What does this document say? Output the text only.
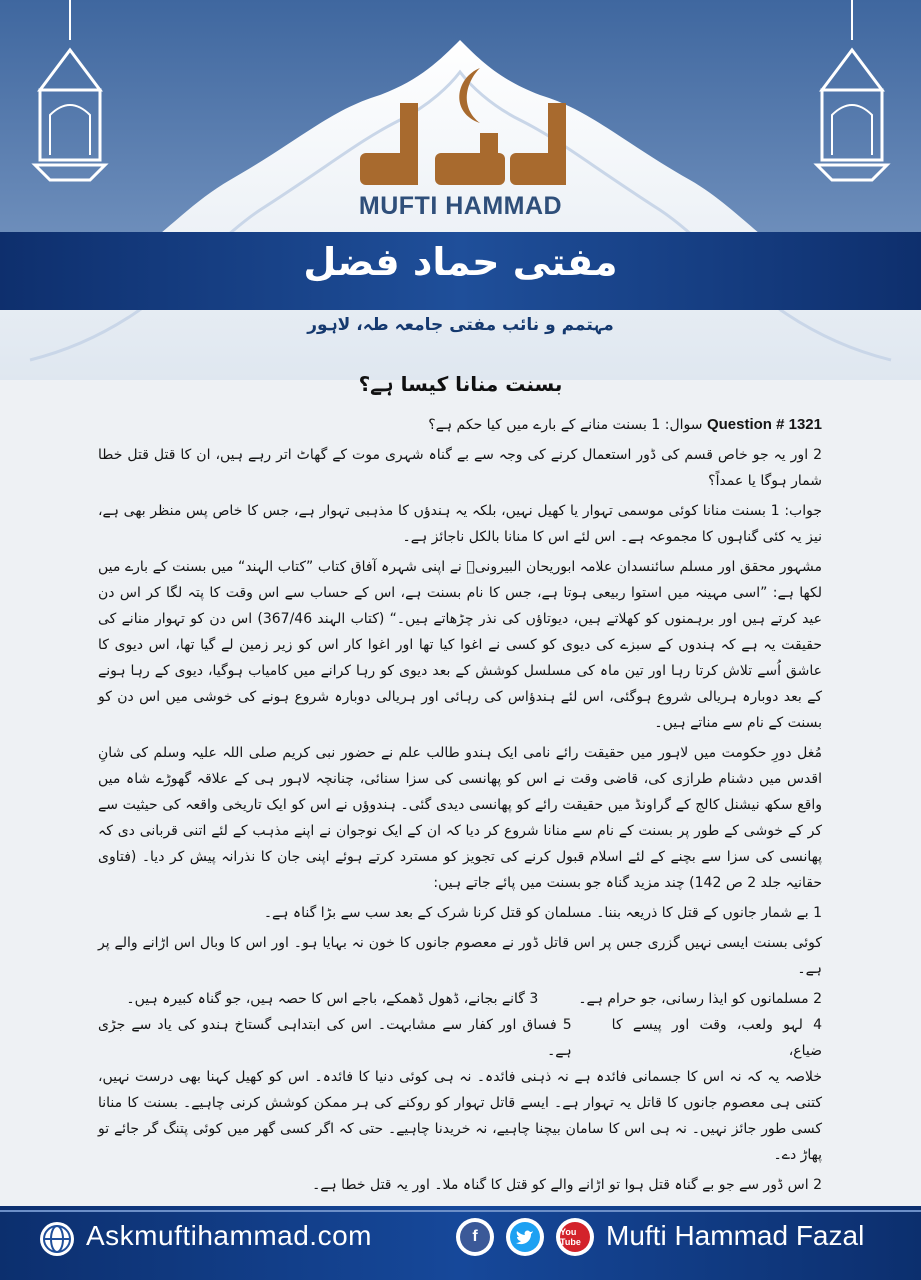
MUFTI HAMMAD
مفتی حماد فضل
مہتمم و نائب مفتی جامعہ طہ، لاہور
بسنت منانا کیسا ہے؟

Question # 1321 سوال: 1 بسنت منانے کے بارے میں کیا حکم ہے؟

2 اور یہ جو خاص قسم کی ڈور استعمال کرنے کی وجہ سے بے گناہ شہری موت کے گھاٹ اتر رہے ہیں، ان کا قتل قتل خطا شمار ہوگا یا عمداً؟

جواب: 1 بسنت منانا کوئی موسمی تہوار یا کھیل نہیں، بلکہ یہ ہندؤں کا مذہبی تہوار ہے، جس کا خاص پس منظر بھی ہے، نیز یہ کئی گناہوں کا مجموعہ ہے۔ اس لئے اس کا منانا بالکل ناجائز ہے۔

مشہور محقق اور مسلم سائنسدان علامہ ابوریحان البیرونیؒ نے اپنی شہرہ آفاق کتاب ”کتاب الہند“ میں بسنت کے بارے میں لکھا ہے: ”اسی مہینہ میں استوا ربیعی ہوتا ہے، جس کا نام بسنت ہے، اس کے حساب سے اس وقت کا پتہ لگا کر اس دن عید کرتے ہیں اور برہمنوں کو کھلاتے ہیں، دیوتاؤں کی نذر چڑھاتے ہیں۔“ (کتاب الہند 367/46) اس دن کو تہوار منانے کی حقیقت یہ ہے کہ ہندوں کے سبزے کی دیوی کو کسی نے اغوا کیا تھا اور اغوا کار اس کو زیر زمین لے گیا تھا، اس دیوی کا عاشق اُسے تلاش کرتا رہا اور تین ماہ کی مسلسل کوشش کے بعد دیوی کو رہا کرانے میں کامیاب ہوگیا، دیوی کے رہا ہونے کے بعد دوبارہ ہریالی شروع ہوگئی، اس لئے ہندؤاس کی رہائی اور ہریالی دوبارہ شروع ہونے کی خوشی میں اس دن کو بسنت کے نام سے مناتے ہیں۔

مُغل دورِ حکومت میں لاہور میں حقیقت رائے نامی ایک ہندو طالب علم نے حضور نبی کریم صلی اللہ علیہ وسلم کی شانِ اقدس میں دشنام طرازی کی، قاضی وقت نے اس کو پھانسی کی سزا سنائی، چنانچہ لاہور ہی کے علاقہ گھوڑے شاہ میں واقع سکھ نیشنل کالج کے گراونڈ میں حقیقت رائے کو پھانسی دیدی گئی۔ ہندوؤں نے اس کو ایک تاریخی واقعہ کی حیثیت سے کر کے خوشی کے طور پر بسنت کے نام سے منانا شروع کر دیا کہ ان کے ایک نوجوان نے اپنے مذہب کے لئے اتنی قربانی دی کہ پھانسی کی سزا سے بچنے کے لئے اسلام قبول کرنے کی تجویز کو مسترد کرتے ہوئے اپنی جان کا نذرانہ پیش کر دیا۔ (فتاوی حقانیہ جلد 2 ص 142) چند مزید گناہ جو بسنت میں پائے جاتے ہیں:

1 بے شمار جانوں کے قتل کا ذریعہ بننا۔ مسلمان کو قتل کرنا شرک کے بعد سب سے بڑا گناہ ہے۔

کوئی بسنت ایسی نہیں گزری جس پر اس قاتل ڈور نے معصوم جانوں کا خون نہ بہایا ہو۔ اور اس کا وبال اس اڑانے والے پر ہے۔

2 مسلمانوں کو ایذا رسانی، جو حرام ہے۔
3 گانے بجانے، ڈھول ڈھمکے، باجے اس کا حصہ ہیں، جو گناہ کبیرہ ہیں۔
4 لہو ولعب، وقت اور پیسے کا ضیاع،
5 فساق اور کفار سے مشابہت۔ اس کی ابتداہی گستاخ ہندو کی یاد سے جڑی ہے۔

خلاصہ یہ کہ نہ اس کا جسمانی فائدہ ہے نہ ذہنی فائدہ۔ نہ ہی کوئی دنیا کا فائدہ۔ اس کو کھیل کہنا بھی درست نہیں، کتنی ہی معصوم جانوں کا قاتل یہ تہوار ہے۔ ایسے قاتل تہوار کو روکنے کی ہر ممکن کوشش کرنی چاہیے۔ بسنت کا منانا کسی طور جائز نہیں۔ نہ ہی اس کا سامان بیچنا چاہیے، نہ خریدنا چاہیے۔ حتی کہ اگر کسی گھر میں کوئی پتنگ گر جائے تو پھاڑ دے۔

2 اس ڈور سے جو بے گناہ قتل ہوا تو اڑانے والے کو قتل کا گناہ ملا۔ اور یہ قتل خطا ہے۔

Askmuftihammad.com	f	You Tube Mufti Hammad Fazal
